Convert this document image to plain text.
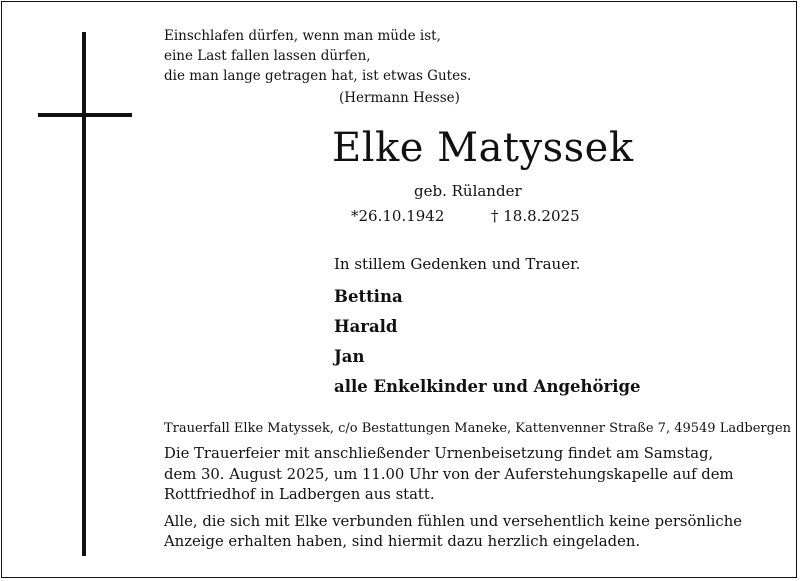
Einschlafen dürfen, wenn man müde ist,
eine Last fallen lassen dürfen,
die man lange getragen hat, ist etwas Gutes.
(Hermann Hesse)
Elke Matyssek
geb. Rülander
*26.10.1942	† 18.8.2025
In stillem Gedenken und Trauer.
Bettina
Harald
Jan
alle Enkelkinder und Angehörige
Trauerfall Elke Matyssek, c/o Bestattungen Maneke, Kattenvenner Straße 7, 49549 Ladbergen
Die Trauerfeier mit anschließender Urnenbeisetzung findet am Samstag,
dem 30. August 2025, um 11.00 Uhr von der Auferstehungskapelle auf dem
Rottfriedhof in Ladbergen aus statt.
Alle, die sich mit Elke verbunden fühlen und versehentlich keine persönliche
Anzeige erhalten haben, sind hiermit dazu herzlich eingeladen.
